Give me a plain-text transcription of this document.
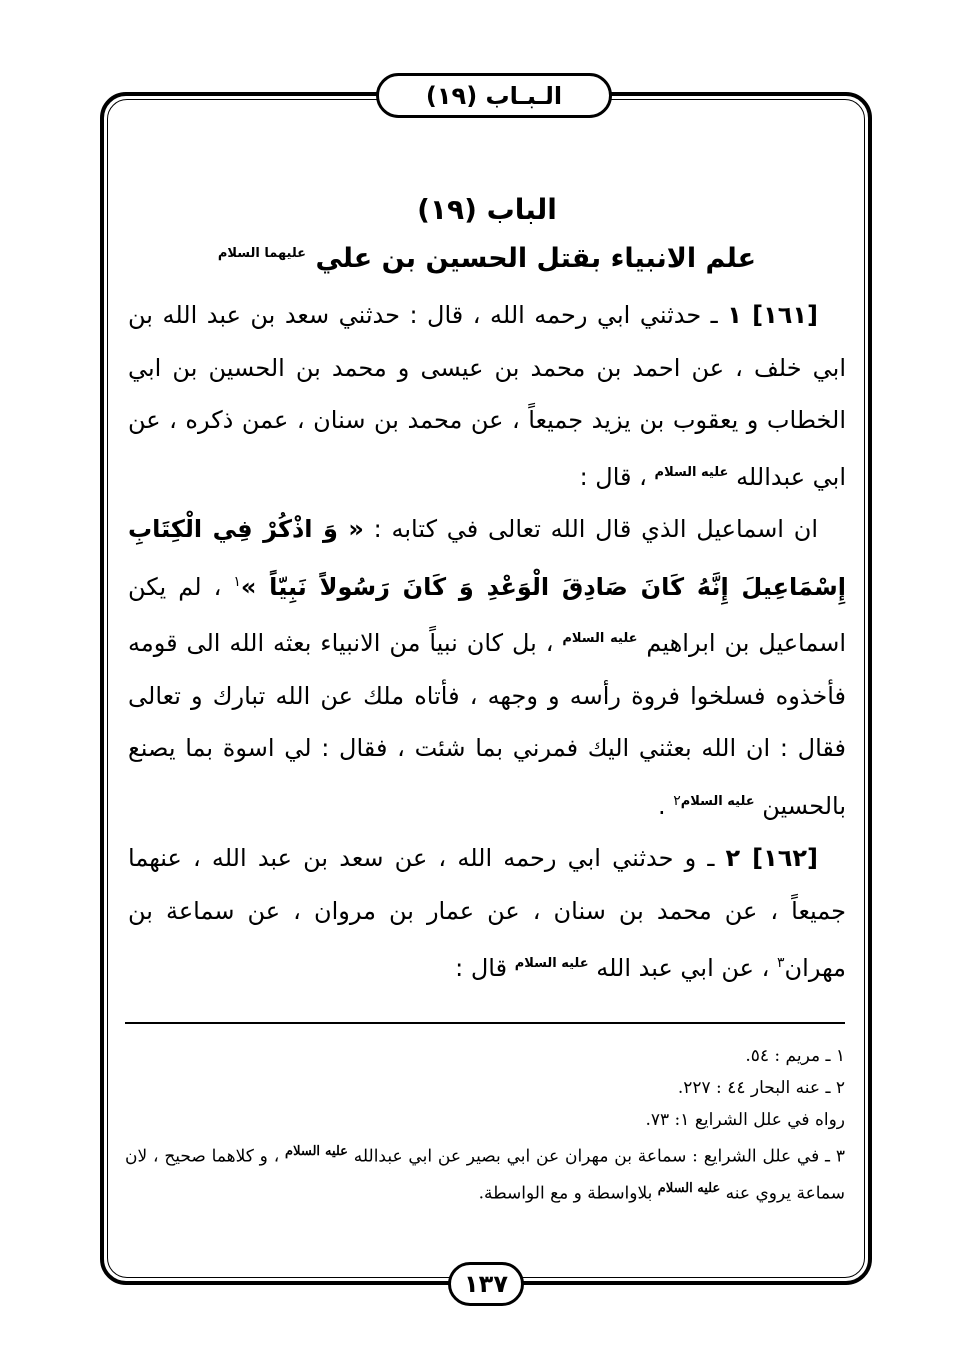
الـبـاب (١٩)
الباب (١٩)
علم الانبياء بقتل الحسين بن علي $^{عليهما السلام}$

[١٦١] ١ ـ حدثني ابي رحمه الله ، قال : حدثني سعد بن عبد الله بن ابي خلف ، عن احمد بن محمد بن عيسى و محمد بن الحسين بن ابي الخطاب و يعقوب بن يزيد جميعاً ، عن محمد بن سنان ، عمن ذكره ، عن ابي عبدالله $^{عليه السلام}$ ، قال :

ان اسماعيل الذي قال الله تعالى في كتابه : « وَ اذْكُرْ فِي الْكِتَابِ إِسْمَاعِيلَ إِنَّهُ كَانَ صَادِقَ الْوَعْدِ وَ كَانَ رَسُولاً نَبِيّاً »$^١$ ، لم يكن اسماعيل بن ابراهيم $^{عليه السلام}$ ، بل كان نبياً من الانبياء بعثه الله الى قومه فأخذوه فسلخوا فروة رأسه و وجهه ، فأتاه ملك عن الله تبارك و تعالى فقال : ان الله بعثني اليك فمرني بما شئت ، فقال : لي اسوة بما يصنع بالحسين $^{عليه السلام٢}$ .

[١٦٢] ٢ ـ و حدثني ابي رحمه الله ، عن سعد بن عبد الله ، عنهما جميعاً ، عن محمد بن سنان ، عن عمار بن مروان ، عن سماعة بن مهران$^٣$ ، عن ابي عبد الله $^{عليه السلام}$ قال :

١ ـ مريم : ٥٤.

٢ ـ عنه البحار ٤٤ : ٢٢٧.

رواه في علل الشرايع ١: ٧٣.

٣ ـ في علل الشرايع : سماعة بن مهران عن ابي بصير عن ابي عبدالله $^{عليه السلام}$ ، و كلاهما صحيح ، لان سماعة يروي عنه $^{عليه السلام}$ بلاواسطة و مع الواسطة.

١٣٧
